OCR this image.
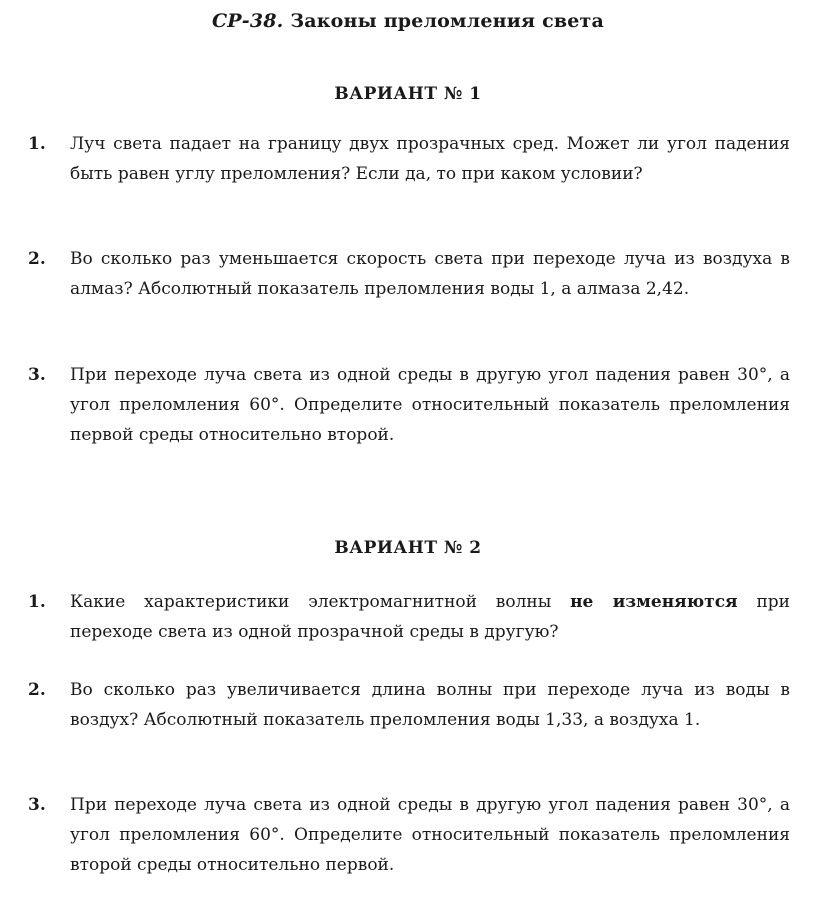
СР-38. Законы преломления света
ВАРИАНТ № 1
1.	Луч света падает на границу двух прозрачных сред. Может ли угол падения быть равен углу преломления? Если да, то при каком условии?
2.	Во сколько раз уменьшается скорость света при переходе луча из воздуха в алмаз? Абсолютный показатель преломления воды 1, а алмаза 2,42.
3.	При переходе луча света из одной среды в другую угол падения равен 30°, а угол преломления 60°. Определите относительный показатель преломления первой среды относительно второй.
ВАРИАНТ № 2
1.	Какие характеристики электромагнитной волны не изменяются при переходе света из одной прозрачной среды в другую?
2.	Во сколько раз увеличивается длина волны при переходе луча из воды в воздух? Абсолютный показатель преломления воды 1,33, а воздуха 1.
3.	При переходе луча света из одной среды в другую угол падения равен 30°, а угол преломления 60°. Определите относительный показатель преломления второй среды относительно первой.
